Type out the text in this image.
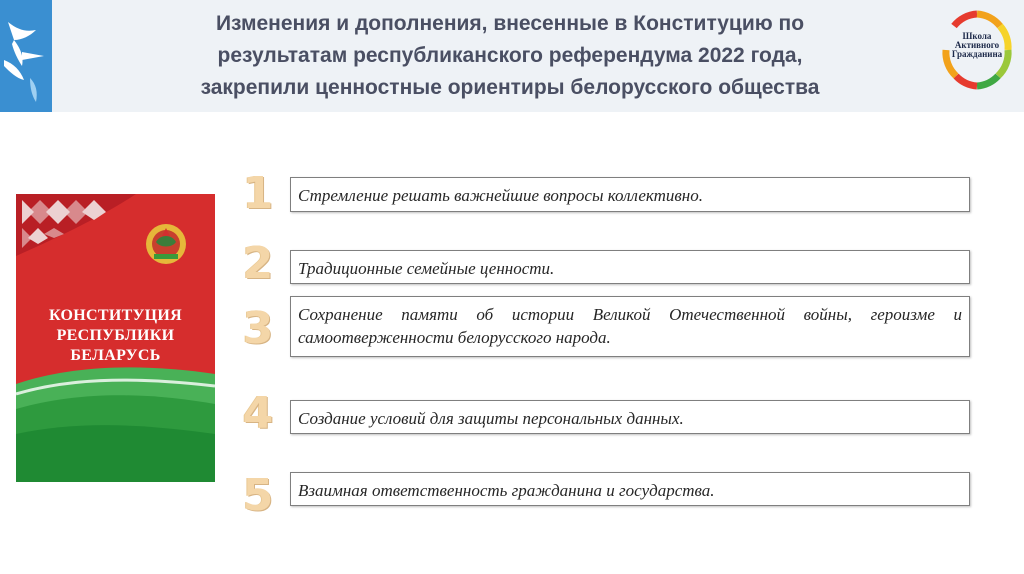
Изменения и дополнения, внесенные в Конституцию по
результатам республиканского референдума 2022 года,
закрепили ценностные ориентиры белорусского общества
Школа
Активного
Гражданина
КОНСТИТУЦИЯ
РЕСПУБЛИКИ
БЕЛАРУСЬ
1	Стремление решать важнейшие вопросы коллективно.
2	Традиционные семейные ценности.
3	Сохранение памяти об истории Великой Отечественной войны, героизме и самоотверженности белорусского народа.
4	Создание условий для защиты персональных данных.
5	Взаимная ответственность гражданина и государства.
